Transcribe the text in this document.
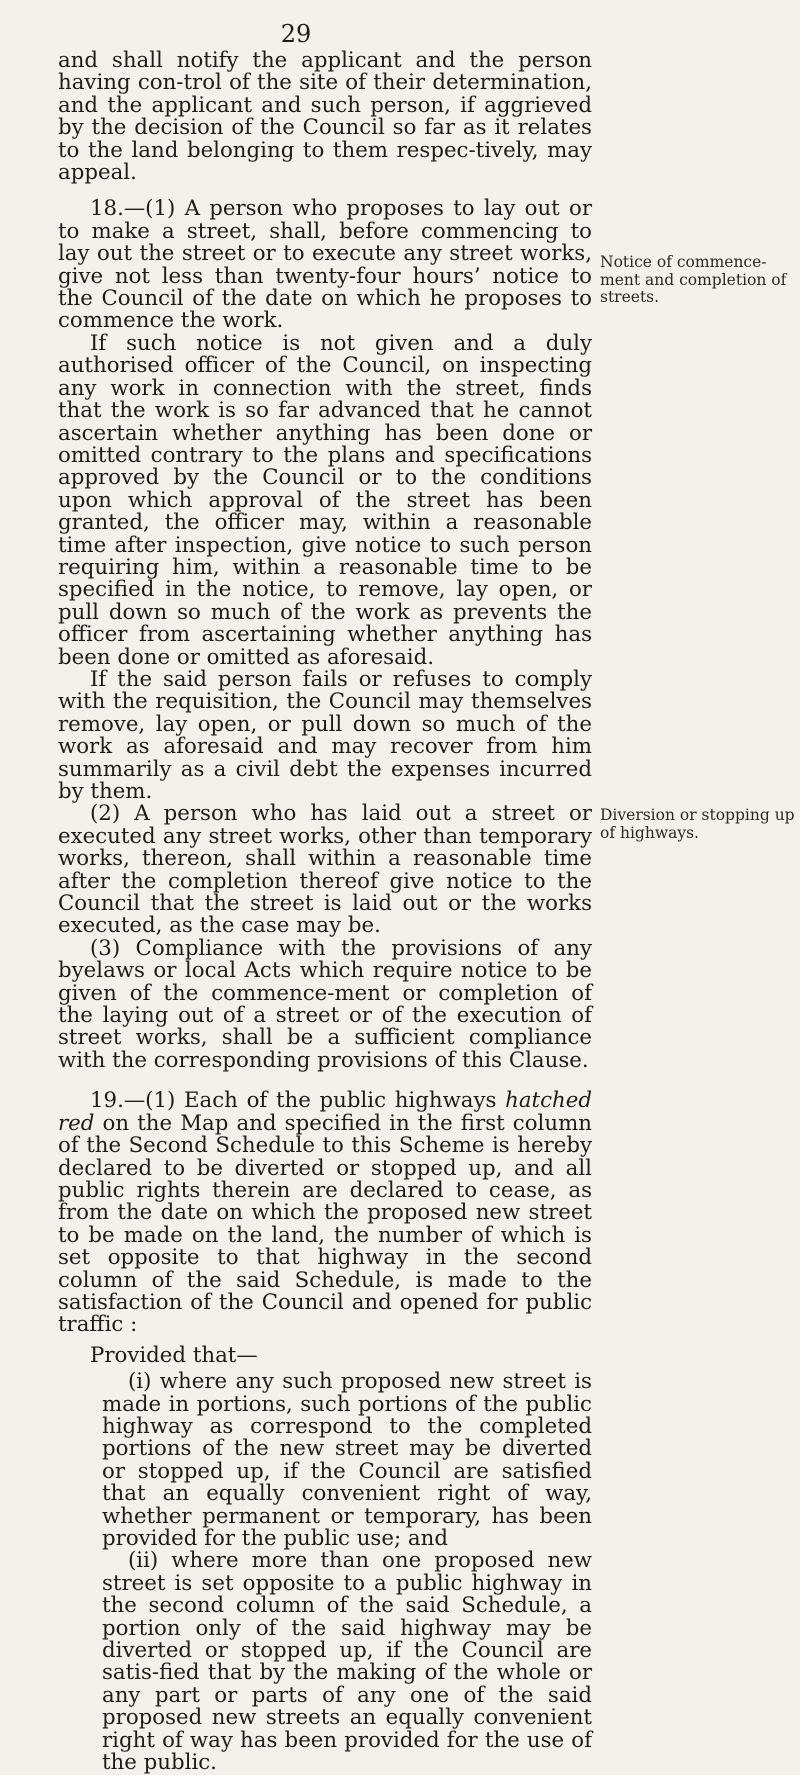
29

and shall notify the applicant and the person having con-trol of the site of their determination, and the applicant and such person, if aggrieved by the decision of the Council so far as it relates to the land belonging to them respec-tively, may appeal.

18.—(1) A person who proposes to lay out or to make a street, shall, before commencing to lay out the street or to execute any street works, give not less than twenty-four hours’ notice to the Council of the date on which he proposes to commence the work.

If such notice is not given and a duly authorised officer of the Council, on inspecting any work in connection with the street, finds that the work is so far advanced that he cannot ascertain whether anything has been done or omitted contrary to the plans and specifications approved by the Council or to the conditions upon which approval of the street has been granted, the officer may, within a reasonable time after inspection, give notice to such person requiring him, within a reasonable time to be specified in the notice, to remove, lay open, or pull down so much of the work as prevents the officer from ascertaining whether anything has been done or omitted as aforesaid.

If the said person fails or refuses to comply with the requisition, the Council may themselves remove, lay open, or pull down so much of the work as aforesaid and may recover from him summarily as a civil debt the expenses incurred by them.

(2) A person who has laid out a street or executed any street works, other than temporary works, thereon, shall within a reasonable time after the completion thereof give notice to the Council that the street is laid out or the works executed, as the case may be.

(3) Compliance with the provisions of any byelaws or local Acts which require notice to be given of the commence-ment or completion of the laying out of a street or of the execution of street works, shall be a sufficient compliance with the corresponding provisions of this Clause.

19.—(1) Each of the public highways hatched red on the Map and specified in the first column of the Second Schedule to this Scheme is hereby declared to be diverted or stopped up, and all public rights therein are declared to cease, as from the date on which the proposed new street to be made on the land, the number of which is set opposite to that highway in the second column of the said Schedule, is made to the satisfaction of the Council and opened for public traffic :

Provided that—

(i) where any such proposed new street is made in portions, such portions of the public highway as correspond to the completed portions of the new street may be diverted or stopped up, if the Council are satisfied that an equally convenient right of way, whether permanent or temporary, has been provided for the public use; and

(ii) where more than one proposed new street is set opposite to a public highway in the second column of the said Schedule, a portion only of the said highway may be diverted or stopped up, if the Council are satis-fied that by the making of the whole or any part or parts of any one of the said proposed new streets an equally convenient right of way has been provided for the use of the public.

Notice of commence-ment and completion of streets.
Diversion or stopping up of highways.
